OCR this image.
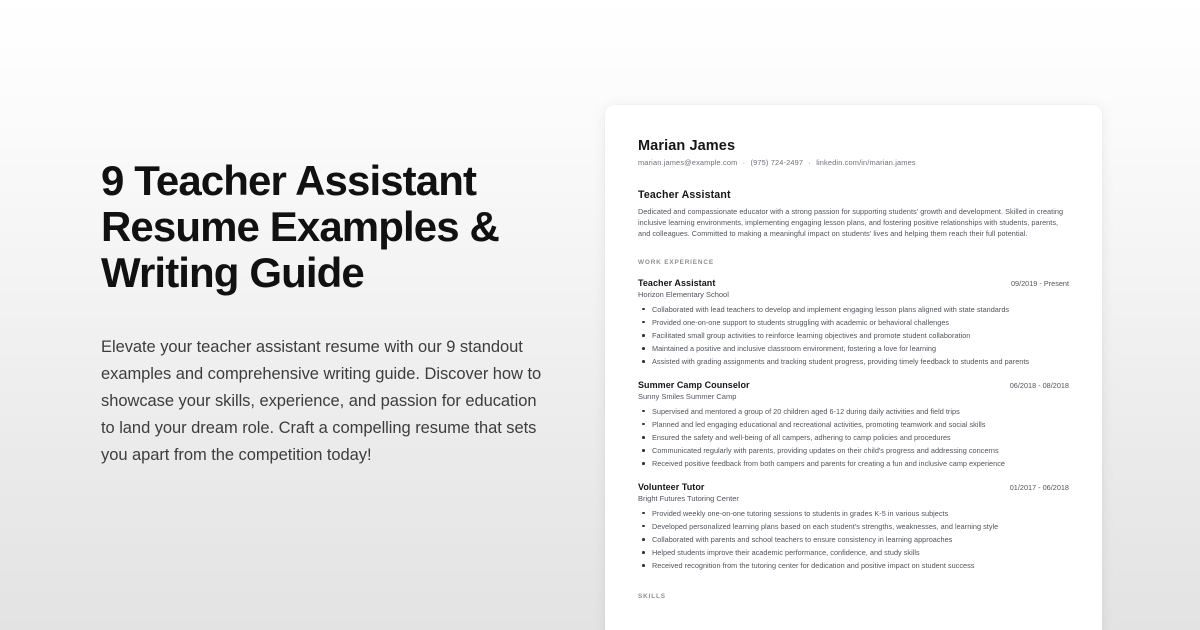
9 Teacher Assistant Resume Examples & Writing Guide

Elevate your teacher assistant resume with our 9 standout examples and comprehensive writing guide. Discover how to showcase your skills, experience, and passion for education to land your dream role. Craft a compelling resume that sets you apart from the competition today!

Marian James
marian.james@example.com · (975) 724-2497 · linkedin.com/in/marian.james
Teacher Assistant
Dedicated and compassionate educator with a strong passion for supporting students' growth and development. Skilled in creating inclusive learning environments, implementing engaging lesson plans, and fostering positive relationships with students, parents, and colleagues. Committed to making a meaningful impact on students' lives and helping them reach their full potential.
WORK EXPERIENCE
Teacher Assistant	09/2019 - Present
Horizon Elementary School
Collaborated with lead teachers to develop and implement engaging lesson plans aligned with state standards
Provided one-on-one support to students struggling with academic or behavioral challenges
Facilitated small group activities to reinforce learning objectives and promote student collaboration
Maintained a positive and inclusive classroom environment, fostering a love for learning
Assisted with grading assignments and tracking student progress, providing timely feedback to students and parents
Summer Camp Counselor	06/2018 - 08/2018
Sunny Smiles Summer Camp
Supervised and mentored a group of 20 children aged 6-12 during daily activities and field trips
Planned and led engaging educational and recreational activities, promoting teamwork and social skills
Ensured the safety and well-being of all campers, adhering to camp policies and procedures
Communicated regularly with parents, providing updates on their child's progress and addressing concerns
Received positive feedback from both campers and parents for creating a fun and inclusive camp experience
Volunteer Tutor	01/2017 - 06/2018
Bright Futures Tutoring Center
Provided weekly one-on-one tutoring sessions to students in grades K-5 in various subjects
Developed personalized learning plans based on each student's strengths, weaknesses, and learning style
Collaborated with parents and school teachers to ensure consistency in learning approaches
Helped students improve their academic performance, confidence, and study skills
Received recognition from the tutoring center for dedication and positive impact on student success
SKILLS
